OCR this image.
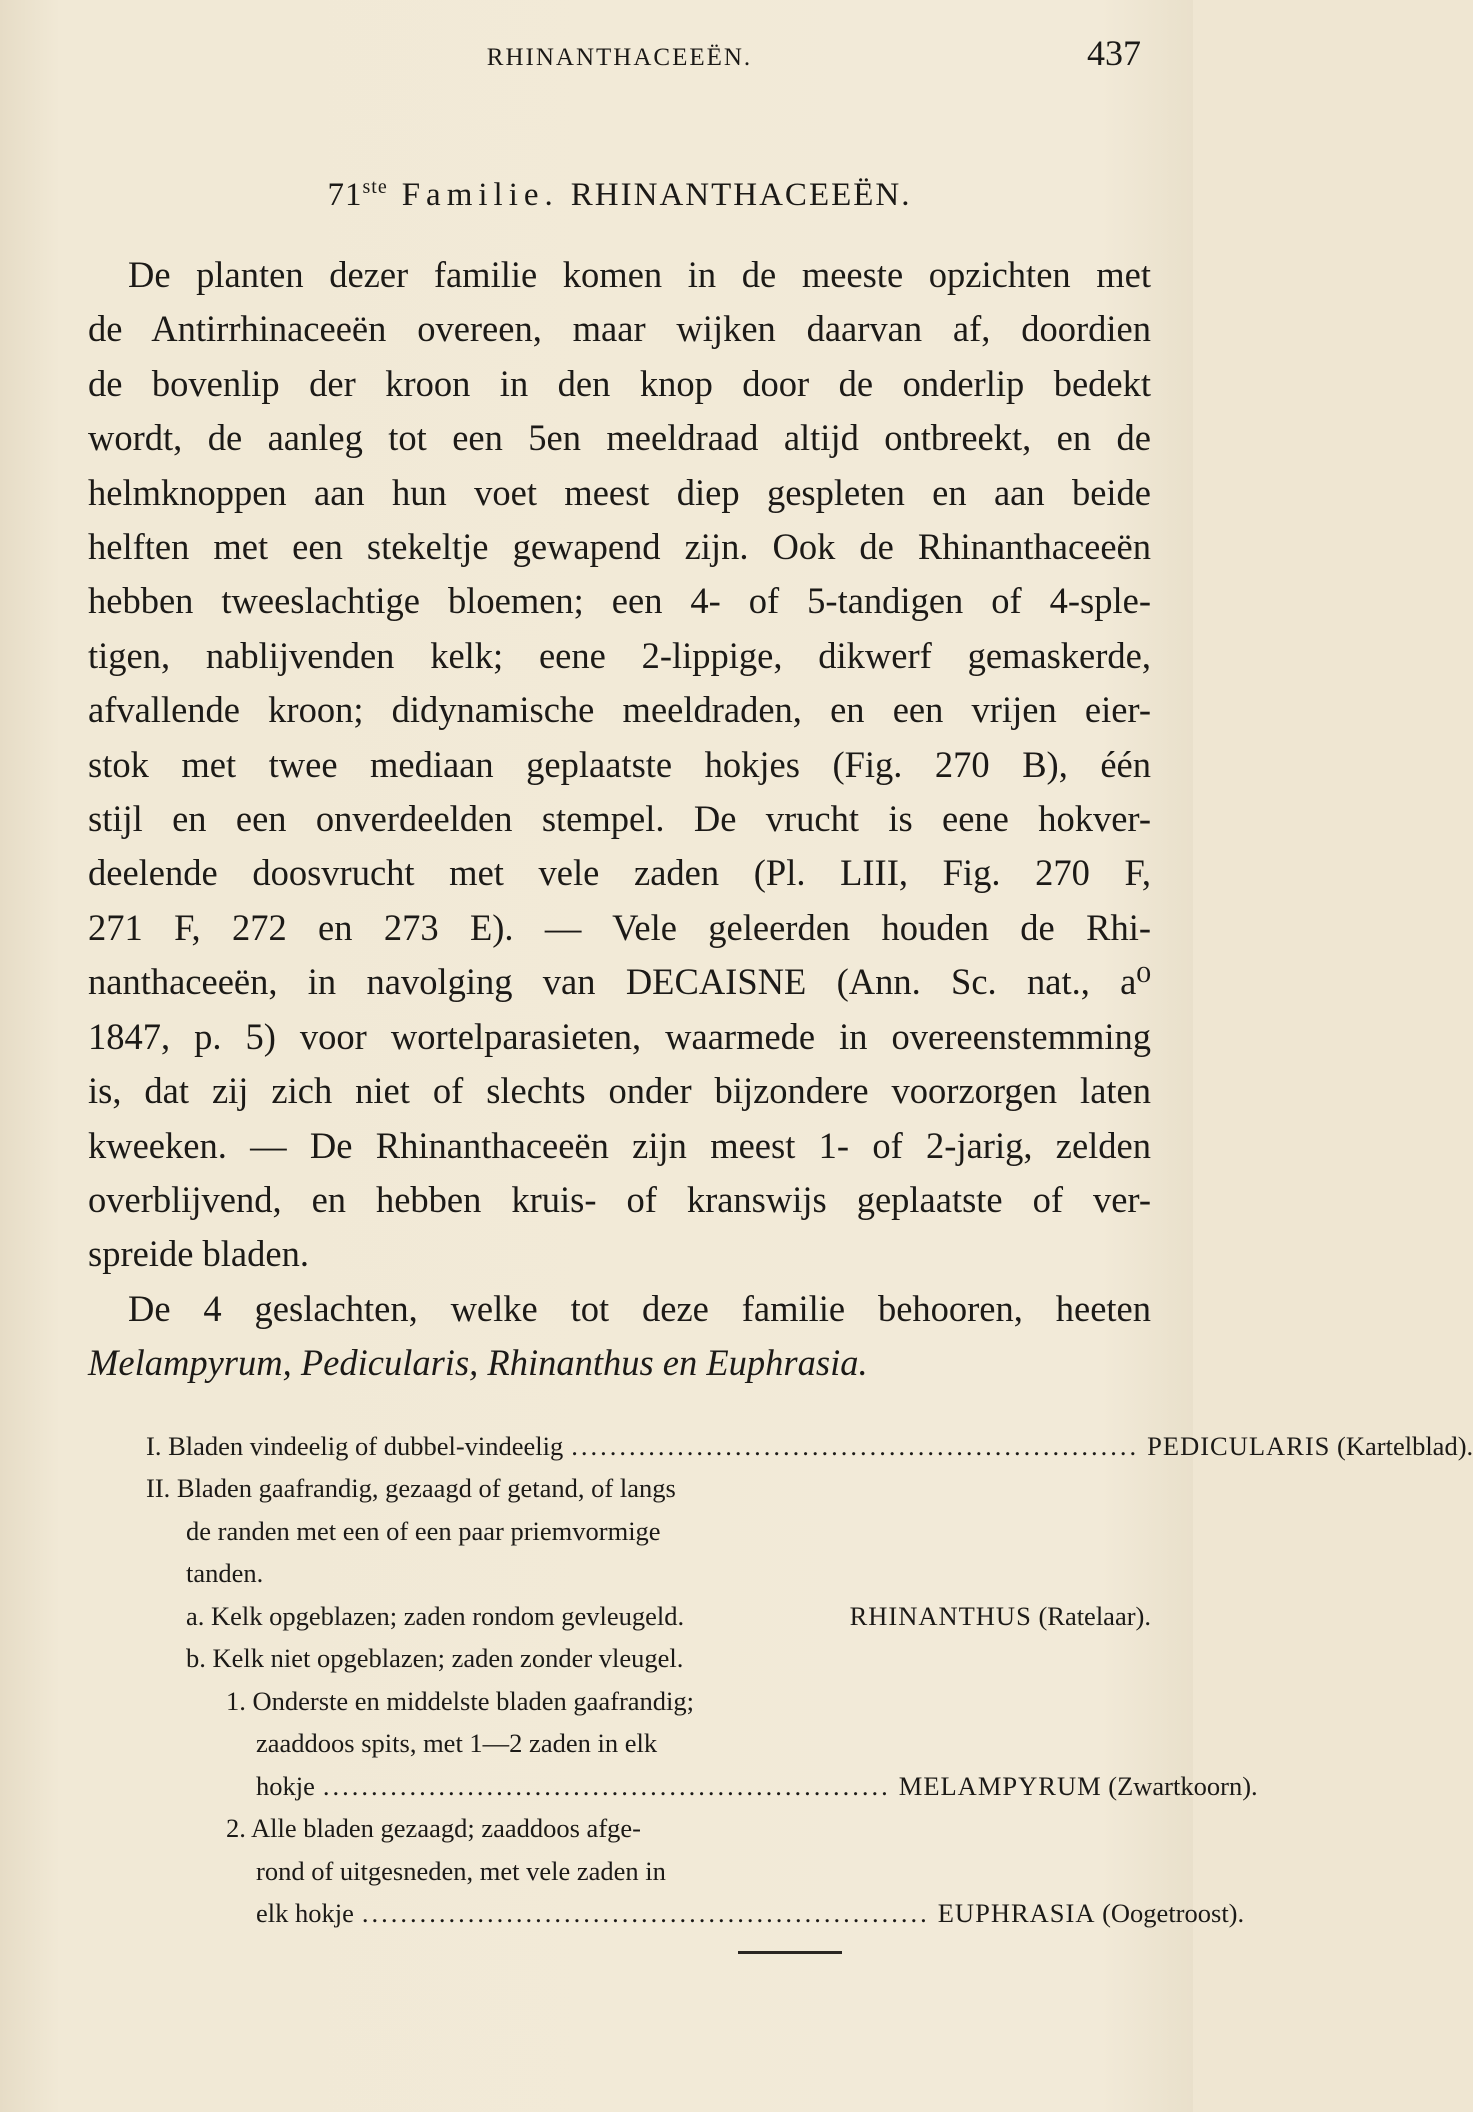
RHINANTHACEEËN.	437
71ste Familie. RHINANTHACEEËN.
De planten dezer familie komen in de meeste opzichten met
de Antirrhinaceeën overeen, maar wijken daarvan af, doordien
de bovenlip der kroon in den knop door de onderlip bedekt
wordt, de aanleg tot een 5en meeldraad altijd ontbreekt, en de
helmknoppen aan hun voet meest diep gespleten en aan beide
helften met een stekeltje gewapend zijn. Ook de Rhinanthaceeën
hebben tweeslachtige bloemen; een 4- of 5-tandigen of 4-sple-
tigen, nablijvenden kelk; eene 2-lippige, dikwerf gemaskerde,
afvallende kroon; didynamische meeldraden, en een vrijen eier-
stok met twee mediaan geplaatste hokjes (Fig. 270 B), één
stijl en een onverdeelden stempel. De vrucht is eene hokver-
deelende doosvrucht met vele zaden (Pl. LIII, Fig. 270 F,
271 F, 272 en 273 E). — Vele geleerden houden de Rhi-
nanthaceeën, in navolging van DECAISNE (Ann. Sc. nat., a⁰
1847, p. 5) voor wortelparasieten, waarmede in overeenstemming
is, dat zij zich niet of slechts onder bijzondere voorzorgen laten
kweeken. — De Rhinanthaceeën zijn meest 1- of 2-jarig, zelden
overblijvend, en hebben kruis- of kranswijs geplaatste of ver-
spreide bladen.
De 4 geslachten, welke tot deze familie behooren, heeten
Melampyrum, Pedicularis, Rhinanthus en Euphrasia.
I. Bladen vindeelig of dubbel-vindeelig ........................................................... PEDICULARIS
(Kartelblad).
II. Bladen gaafrandig, gezaagd of getand, of langs
de randen met een of een paar priemvormige
tanden.
a. Kelk opgeblazen; zaden rondom gevleugeld.	RHINANTHUS
(Ratelaar).
b. Kelk niet opgeblazen; zaden zonder vleugel.
1. Onderste en middelste bladen gaafrandig;
zaaddoos spits, met 1—2 zaden in elk
hokje ........................................................... MELAMPYRUM
(Zwartkoorn).
2. Alle bladen gezaagd; zaaddoos afge-
rond of uitgesneden, met vele zaden in
elk hokje ........................................................... EUPHRASIA
(Oogetroost).
